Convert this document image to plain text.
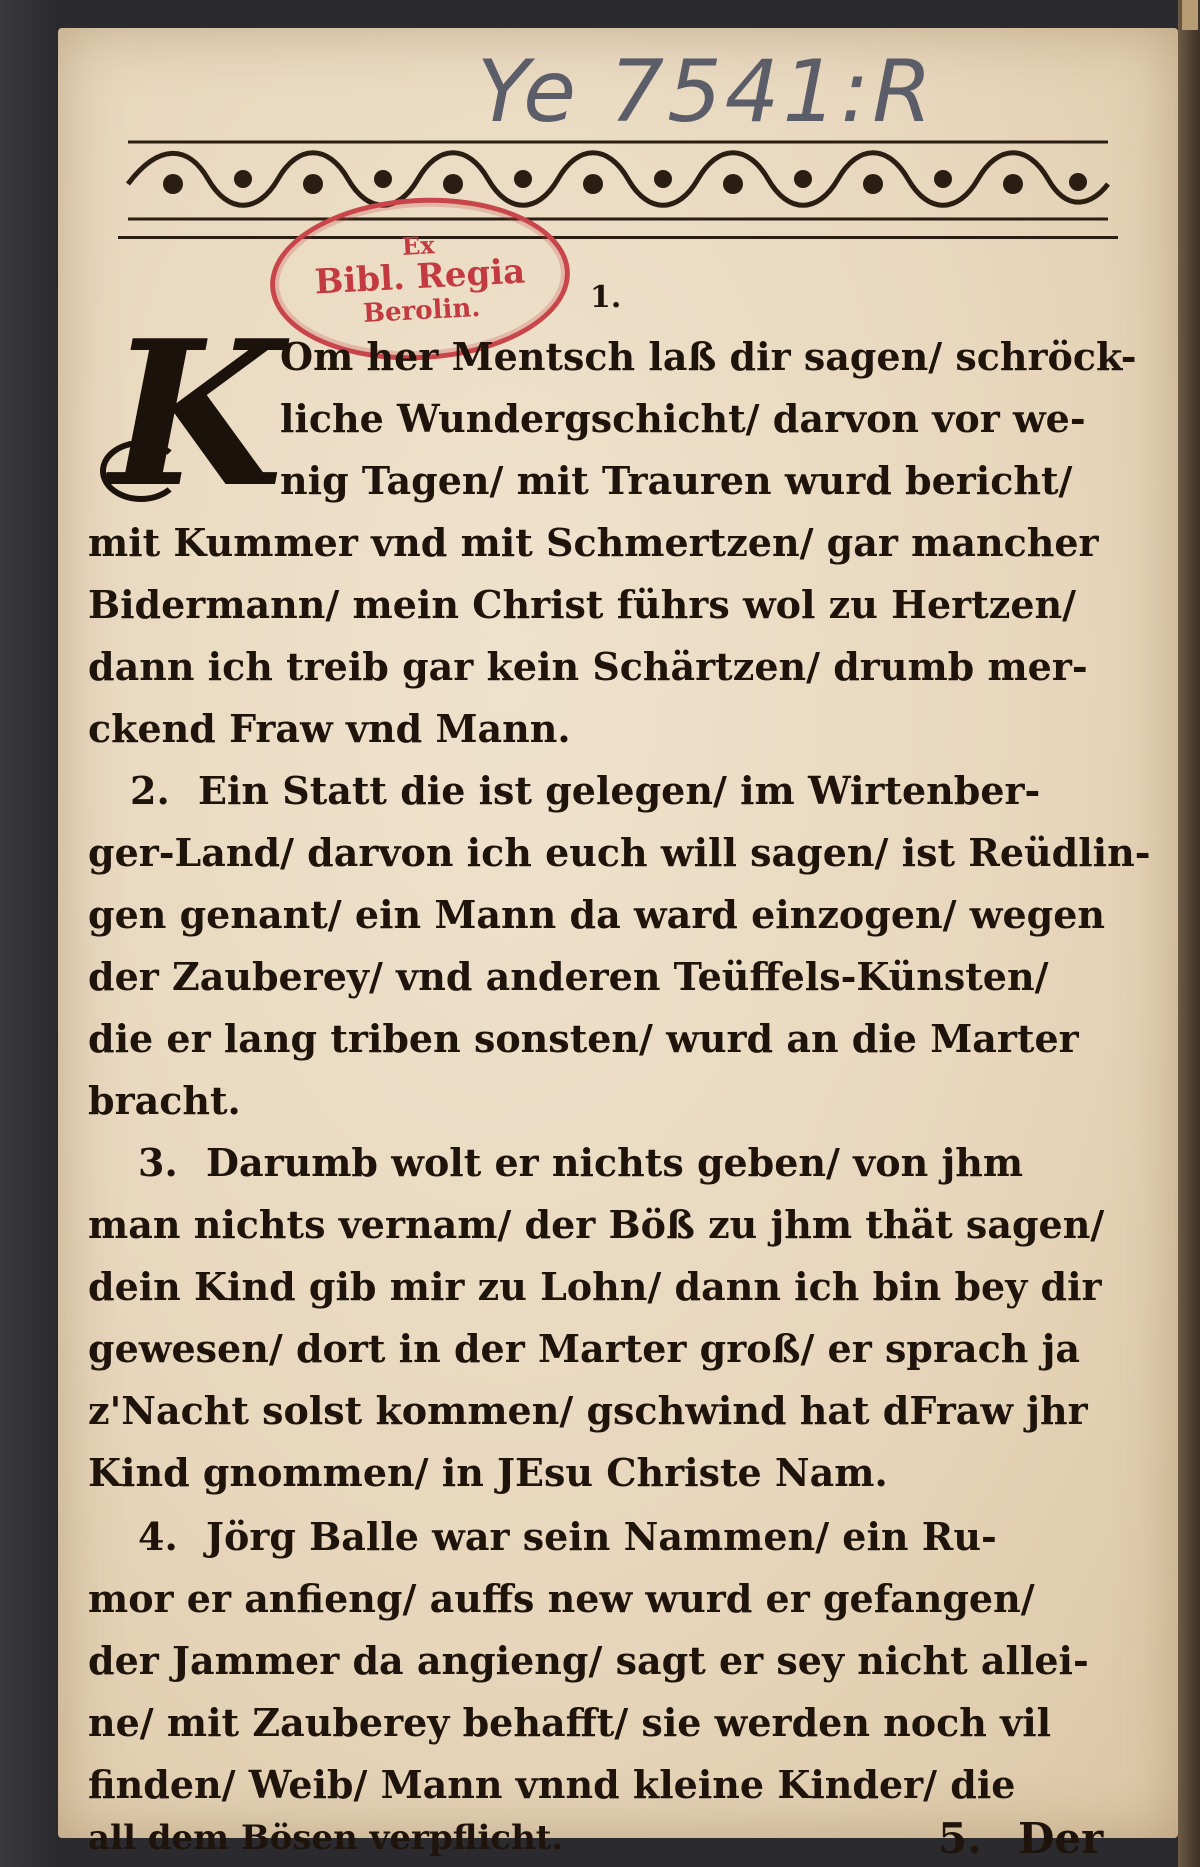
Ye 7541:R
Ex
Bibl. Regia
Berolin.	1.
K
Om her Mentsch laß dir sagen/ schröck-
liche Wundergschicht/ darvon vor we-
nig Tagen/ mit Trauren wurd bericht/
mit Kummer vnd mit Schmertzen/ gar mancher
Bidermann/ mein Christ führs wol zu Hertzen/
dann ich treib gar kein Schärtzen/ drumb mer-
ckend Fraw vnd Mann.
2. Ein Statt die ist gelegen/ im Wirtenber-
ger-Land/ darvon ich euch will sagen/ ist Reüdlin-
gen genant/ ein Mann da ward einzogen/ wegen
der Zauberey/ vnd anderen Teüffels-Künsten/
die er lang triben sonsten/ wurd an die Marter
bracht.
3. Darumb wolt er nichts geben/ von jhm
man nichts vernam/ der Böß zu jhm thät sagen/
dein Kind gib mir zu Lohn/ dann ich bin bey dir
gewesen/ dort in der Marter groß/ er sprach ja
z'Nacht solst kommen/ gschwind hat dFraw jhr
Kind gnommen/ in JEsu Christe Nam.
4. Jörg Balle war sein Nammen/ ein Ru-
mor er anfieng/ auffs new wurd er gefangen/
der Jammer da angieng/ sagt er sey nicht allei-
ne/ mit Zauberey behafft/ sie werden noch vil
finden/ Weib/ Mann vnnd kleine Kinder/ die
all dem Bösen verpflicht.	5. Der
